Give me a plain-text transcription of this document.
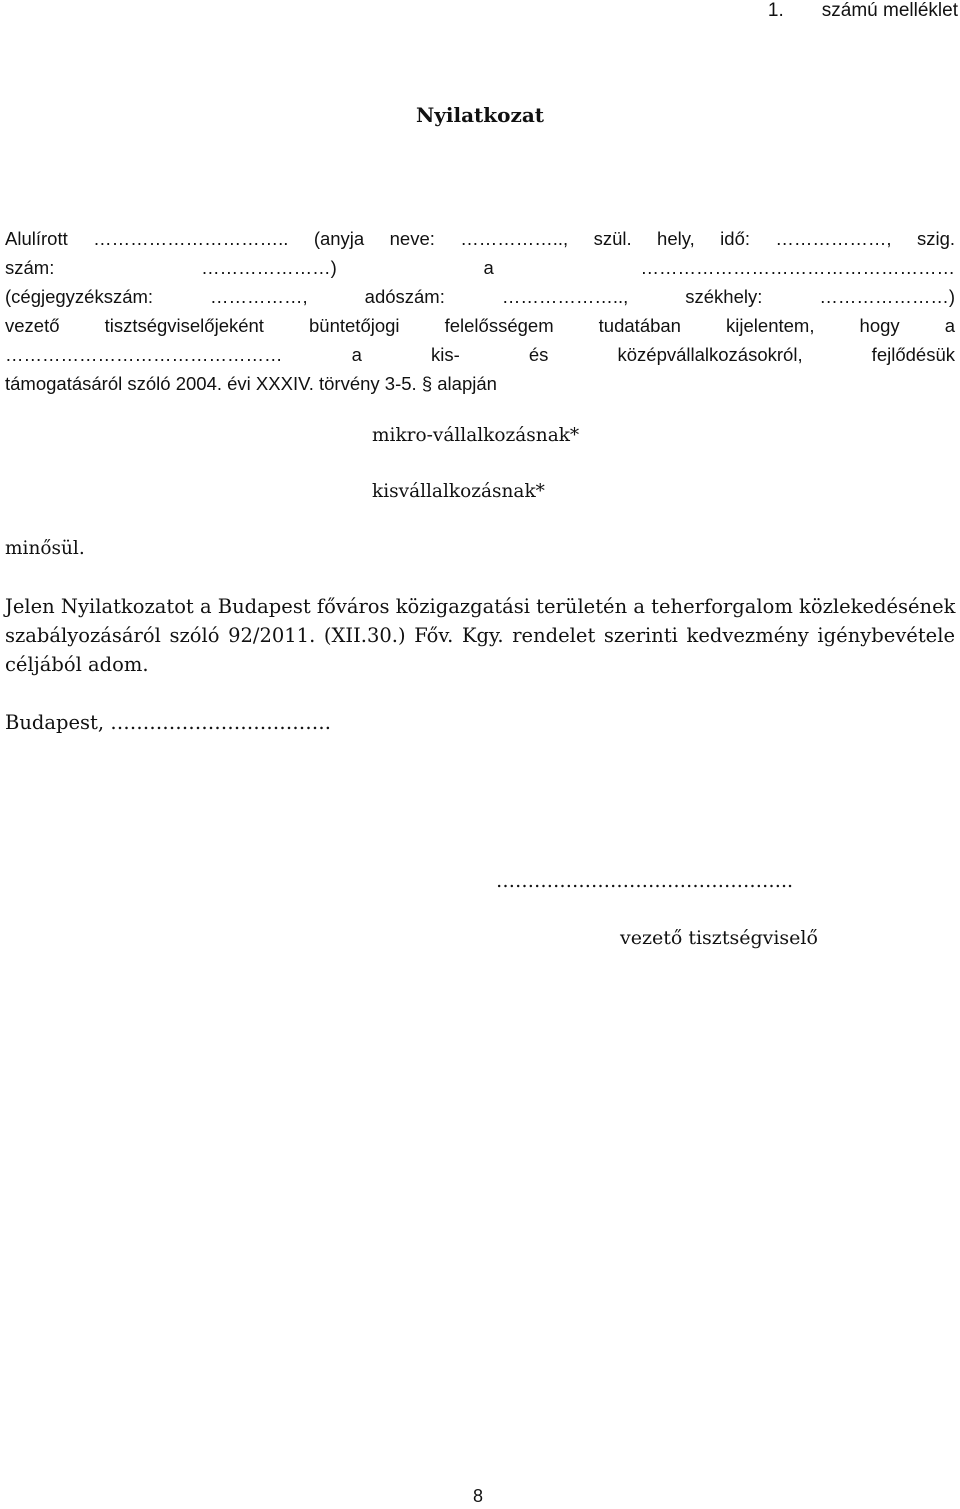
1. számú melléklet
Nyilatkozat
Alulírott ………………………….. (anyja neve: …………….., szül. hely, idő: ………………, szig.
szám: …………………) a ……………………………………………
(cégjegyzékszám: ……………, adószám: ……………….., székhely: …………………)
vezető tisztségviselőjeként büntetőjogi felelősségem tudatában kijelentem, hogy a
……………………………………… a kis- és középvállalkozásokról, fejlődésük
támogatásáról szóló 2004. évi XXXIV. törvény 3-5. § alapján
mikro-vállalkozásnak*
kisvállalkozásnak*
minősül.
Jelen Nyilatkozatot a Budapest főváros közigazgatási területén a teherforgalom közlekedésének
szabályozásáról szóló 92/2011. (XII.30.) Főv. Kgy. rendelet szerinti kedvezmény igénybevétele
céljából adom.
Budapest, …………………………….
………………………………………..
vezető tisztségviselő
8
